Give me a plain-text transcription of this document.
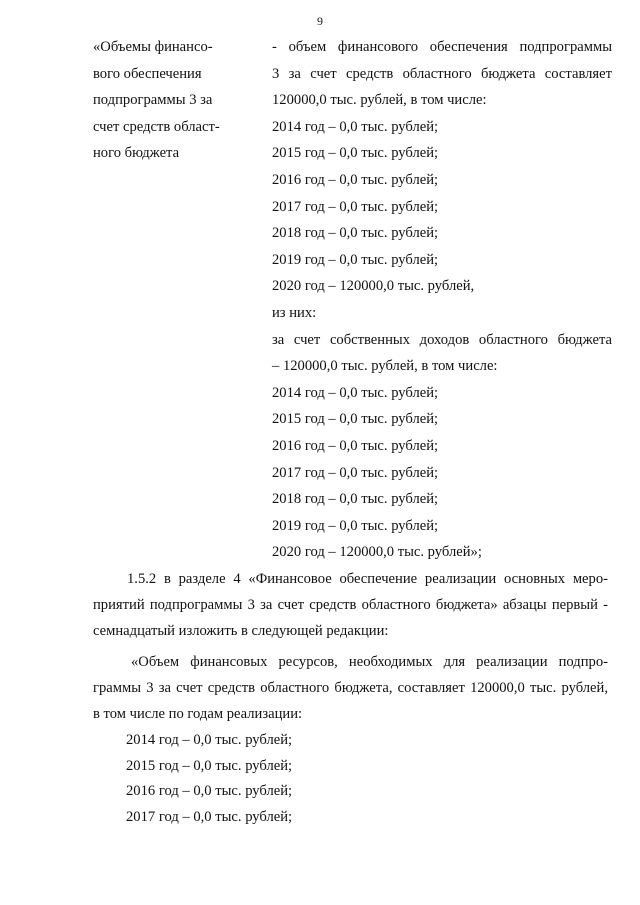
9
«Объемы финансо-
вого обеспечения
подпрограммы 3 за
счет средств област-
ного бюджета
- объем финансового обеспечения подпрограммы
3 за счет средств областного бюджета составляет
120000,0 тыс. рублей, в том числе:
2014 год – 0,0 тыс. рублей;
2015 год – 0,0 тыс. рублей;
2016 год – 0,0 тыс. рублей;
2017 год – 0,0 тыс. рублей;
2018 год – 0,0 тыс. рублей;
2019 год – 0,0 тыс. рублей;
2020 год – 120000,0 тыс. рублей,
из них:
за счет собственных доходов областного бюджета
– 120000,0 тыс. рублей, в том числе:
2014 год – 0,0 тыс. рублей;
2015 год – 0,0 тыс. рублей;
2016 год – 0,0 тыс. рублей;
2017 год – 0,0 тыс. рублей;
2018 год – 0,0 тыс. рублей;
2019 год – 0,0 тыс. рублей;
2020 год – 120000,0 тыс. рублей»;
1.5.2 в разделе 4 «Финансовое обеспечение реализации основных меро-
приятий подпрограммы 3 за счет средств областного бюджета» абзацы первый -
семнадцатый изложить в следующей редакции:
«Объем финансовых ресурсов, необходимых для реализации подпро-
граммы 3 за счет средств областного бюджета, составляет 120000,0 тыс. рублей,
в том числе по годам реализации:
2014 год – 0,0 тыс. рублей;
2015 год – 0,0 тыс. рублей;
2016 год – 0,0 тыс. рублей;
2017 год – 0,0 тыс. рублей;
